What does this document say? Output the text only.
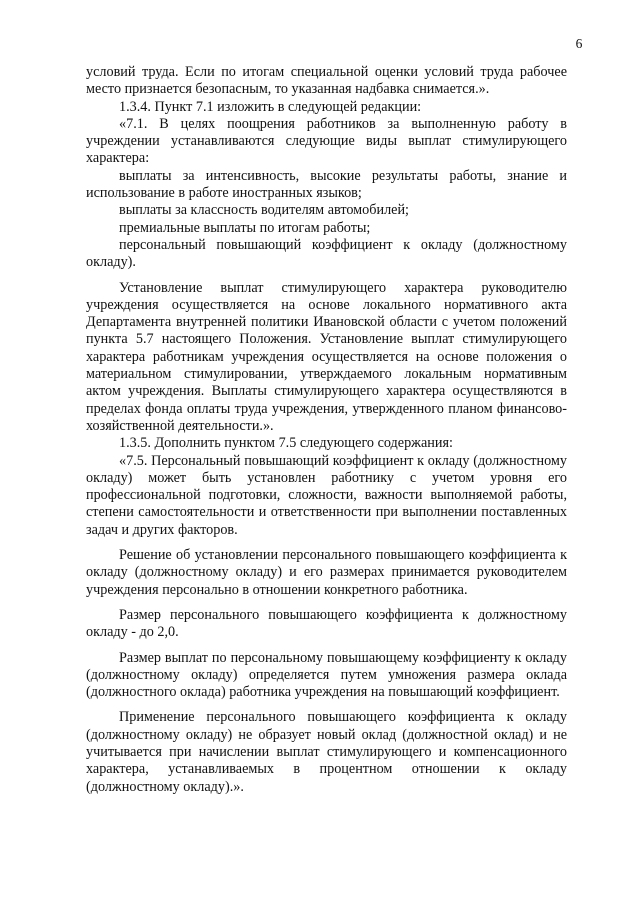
6

условий труда. Если по итогам специальной оценки условий труда рабочее место признается безопасным, то указанная надбавка снимается.».

1.3.4. Пункт 7.1 изложить в следующей редакции:

«7.1. В целях поощрения работников за выполненную работу в учреждении устанавливаются следующие виды выплат стимулирующего характера:

выплаты за интенсивность, высокие результаты работы, знание и использование в работе иностранных языков;

выплаты за классность водителям автомобилей;

премиальные выплаты по итогам работы;

персональный повышающий коэффициент к окладу (должностному окладу).

Установление выплат стимулирующего характера руководителю учреждения осуществляется на основе локального нормативного акта Департамента внутренней политики Ивановской области с учетом положений пункта 5.7 настоящего Положения. Установление выплат стимулирующего характера работникам учреждения осуществляется на основе положения о материальном стимулировании, утверждаемого локальным нормативным актом учреждения. Выплаты стимулирующего характера осуществляются в пределах фонда оплаты труда учреждения, утвержденного планом финансово-хозяйственной деятельности.».

1.3.5. Дополнить пунктом 7.5 следующего содержания:

«7.5. Персональный повышающий коэффициент к окладу (должностному окладу) может быть установлен работнику с учетом уровня его профессиональной подготовки, сложности, важности выполняемой работы, степени самостоятельности и ответственности при выполнении поставленных задач и других факторов.

Решение об установлении персонального повышающего коэффициента к окладу (должностному окладу) и его размерах принимается руководителем учреждения персонально в отношении конкретного работника.

Размер персонального повышающего коэффициента к должностному окладу - до 2,0.

Размер выплат по персональному повышающему коэффициенту к окладу (должностному окладу) определяется путем умножения размера оклада (должностного оклада) работника учреждения на повышающий коэффициент.

Применение персонального повышающего коэффициента к окладу (должностному окладу) не образует новый оклад (должностной оклад) и не учитывается при начислении выплат стимулирующего и компенсационного характера, устанавливаемых в процентном отношении к окладу (должностному окладу).».
